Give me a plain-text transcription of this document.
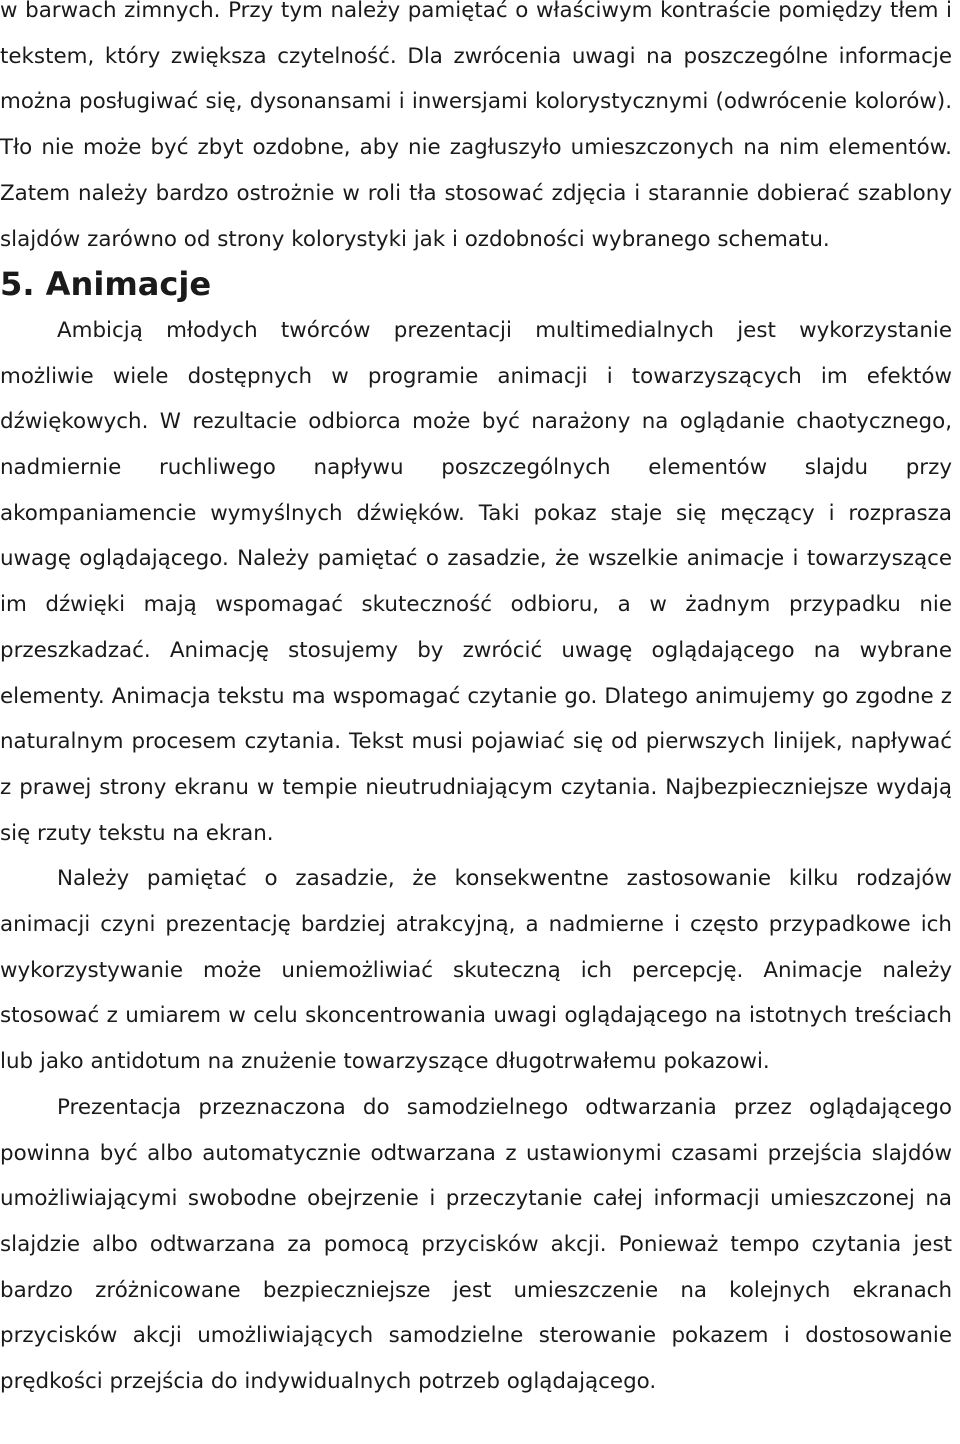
w barwach zimnych. Przy tym należy pamiętać o właściwym kontraście pomiędzy tłem i tekstem, który zwiększa czytelność. Dla zwrócenia uwagi na poszczególne informacje można posługiwać się, dysonansami i inwersjami kolorystycznymi (odwrócenie kolorów). Tło nie może być zbyt ozdobne, aby nie zagłuszyło umieszczonych na nim elementów. Zatem należy bardzo ostrożnie w roli tła stosować zdjęcia i starannie dobierać szablony slajdów zarówno od strony kolorystyki jak i ozdobności wybranego schematu.

5. Animacje

Ambicją młodych twórców prezentacji multimedialnych jest wykorzystanie możliwie wiele dostępnych w programie animacji i towarzyszących im efektów dźwiękowych. W rezultacie odbiorca może być narażony na oglądanie chaotycznego, nadmiernie ruchliwego napływu poszczególnych elementów slajdu przy akompaniamencie wymyślnych dźwięków. Taki pokaz staje się męczący i rozprasza uwagę oglądającego. Należy pamiętać o zasadzie, że wszelkie animacje i towarzyszące im dźwięki mają wspomagać skuteczność odbioru, a w żadnym przypadku nie przeszkadzać. Animację stosujemy by zwrócić uwagę oglądającego na wybrane elementy. Animacja tekstu ma wspomagać czytanie go. Dlatego animujemy go zgodne z naturalnym procesem czytania. Tekst musi pojawiać się od pierwszych linijek, napływać z prawej strony ekranu w tempie nieutrudniającym czytania. Najbezpieczniejsze wydają się rzuty tekstu na ekran.

Należy pamiętać o zasadzie, że konsekwentne zastosowanie kilku rodzajów animacji czyni prezentację bardziej atrakcyjną, a nadmierne i często przypadkowe ich wykorzystywanie może uniemożliwiać skuteczną ich percepcję. Animacje należy stosować z umiarem w celu skoncentrowania uwagi oglądającego na istotnych treściach lub jako antidotum na znużenie towarzyszące długotrwałemu pokazowi.

Prezentacja przeznaczona do samodzielnego odtwarzania przez oglądającego powinna być albo automatycznie odtwarzana z ustawionymi czasami przejścia slajdów umożliwiającymi swobodne obejrzenie i przeczytanie całej informacji umieszczonej na slajdzie albo odtwarzana za pomocą przycisków akcji. Ponieważ tempo czytania jest bardzo zróżnicowane bezpieczniejsze jest umieszczenie na kolejnych ekranach przycisków akcji umożliwiających samodzielne sterowanie pokazem i dostosowanie prędkości przejścia do indywidualnych potrzeb oglądającego.
